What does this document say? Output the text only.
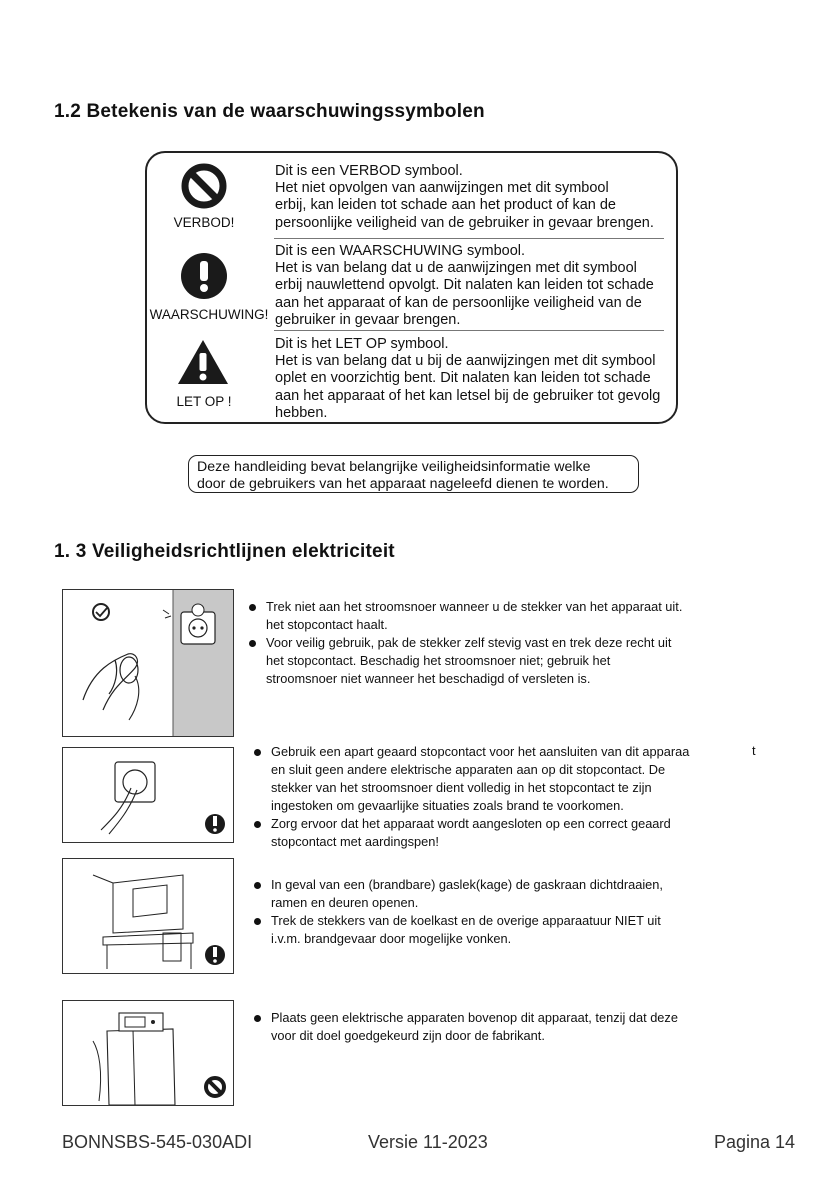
1.2 Betekenis van de waarschuwingssymbolen
VERBOD!
Dit is een VERBOD symbool.
Het niet opvolgen van aanwijzingen met dit symbool
erbij, kan leiden tot schade aan het product of kan de
persoonlijke veiligheid van de gebruiker in gevaar brengen.
WAARSCHUWING!
Dit is een WAARSCHUWING symbool.
Het is van belang dat u de aanwijzingen met dit symbool
erbij nauwlettend opvolgt. Dit nalaten kan leiden tot schade
aan het apparaat of kan de persoonlijke veiligheid van de
gebruiker in gevaar brengen.
LET OP !
Dit is het LET OP symbool.
Het is van belang dat u bij de aanwijzingen met dit symbool
oplet en voorzichtig bent. Dit nalaten kan leiden tot schade
aan het apparaat of het kan letsel bij de gebruiker tot gevolg
hebben.
Deze handleiding bevat belangrijke veiligheidsinformatie welke
door de gebruikers van het apparaat nageleefd dienen te worden.
1. 3 Veiligheidsrichtlijnen elektriciteit
Trek niet aan het stroomsnoer wanneer u de stekker van het apparaat uit.
het stopcontact haalt.
Voor veilig gebruik, pak de stekker zelf stevig vast en trek deze recht uit
het stopcontact. Beschadig het stroomsnoer niet; gebruik het
stroomsnoer niet wanneer het beschadigd of versleten is.
Gebruik een apart geaard stopcontact voor het aansluiten van dit apparaa
en sluit geen andere elektrische apparaten aan op dit stopcontact. De
stekker van het stroomsnoer dient volledig in het stopcontact te zijn
ingestoken om gevaarlijke situaties zoals brand te voorkomen.
Zorg ervoor dat het apparaat wordt aangesloten op een correct geaard
stopcontact met aardingspen!
t
In geval van een (brandbare) gaslek(kage) de gaskraan dichtdraaien,
ramen en deuren openen.
Trek de stekkers van de koelkast en de overige apparaatuur NIET uit
i.v.m. brandgevaar door mogelijke vonken.
Plaats geen elektrische apparaten bovenop dit apparaat, tenzij dat deze
voor dit doel goedgekeurd zijn door de fabrikant.
BONNSBS-545-030ADI	Versie 11-2023	Pagina 14
